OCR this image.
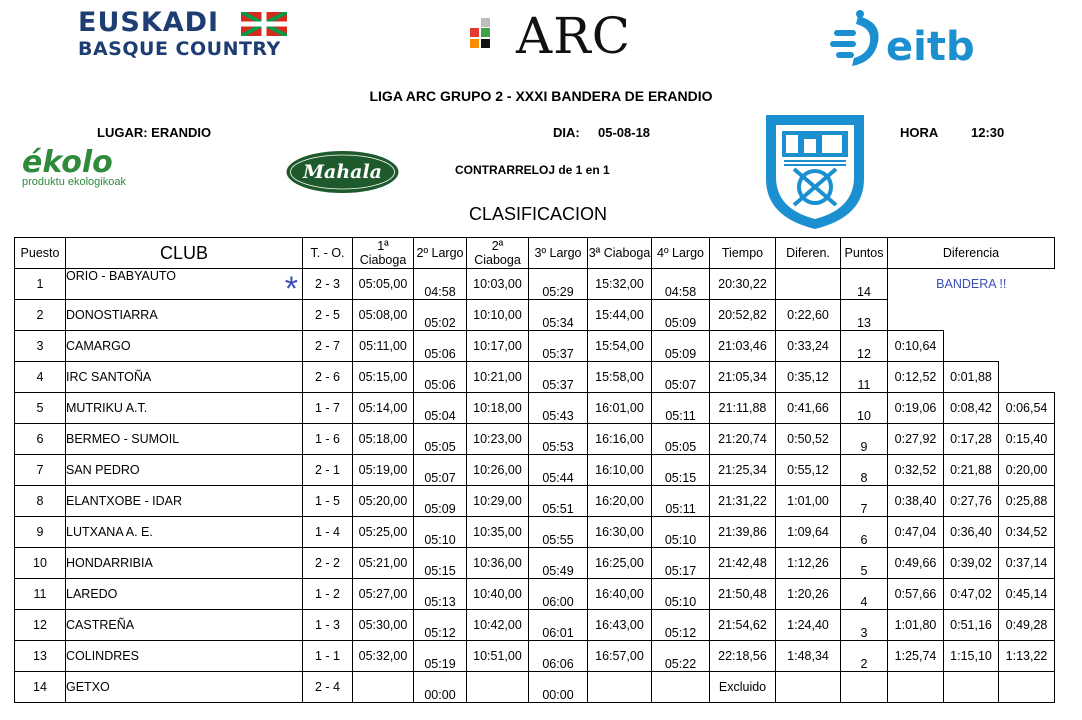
EUSKADI
BASQUE COUNTRY	ARC	eitb
LIGA ARC GRUPO 2 - XXXI BANDERA DE ERANDIO
LUGAR: ERANDIO	DIA: 05-08-18	HORA	12:30
ékolo
produktu ekologikoak	Mahala	CONTRARRELOJ de 1 en 1
CLASIFICACION
Puesto	CLUB	T. - O.	1ª Ciaboga	2º Largo	2ª Ciaboga	3º Largo	3ª Ciaboga	4º Largo	Tiempo	Diferen.	Puntos	Diferencia		
1	ORIO - BABYAUTO *	2 - 3	05:05,00	04:58	10:03,00	05:29	15:32,00	04:58	20:30,22		14	BANDERA !!		
2	DONOSTIARRA	2 - 5	05:08,00	05:02	10:10,00	05:34	15:44,00	05:09	20:52,82	0:22,60	13			
3	CAMARGO	2 - 7	05:11,00	05:06	10:17,00	05:37	15:54,00	05:09	21:03,46	0:33,24	12	0:10,64		
4	IRC SANTOÑA	2 - 6	05:15,00	05:06	10:21,00	05:37	15:58,00	05:07	21:05,34	0:35,12	11	0:12,52	0:01,88	
5	MUTRIKU A.T.	1 - 7	05:14,00	05:04	10:18,00	05:43	16:01,00	05:11	21:11,88	0:41,66	10	0:19,06	0:08,42	0:06,54
6	BERMEO - SUMOIL	1 - 6	05:18,00	05:05	10:23,00	05:53	16:16,00	05:05	21:20,74	0:50,52	9	0:27,92	0:17,28	0:15,40
7	SAN PEDRO	2 - 1	05:19,00	05:07	10:26,00	05:44	16:10,00	05:15	21:25,34	0:55,12	8	0:32,52	0:21,88	0:20,00
8	ELANTXOBE - IDAR	1 - 5	05:20,00	05:09	10:29,00	05:51	16:20,00	05:11	21:31,22	1:01,00	7	0:38,40	0:27,76	0:25,88
9	LUTXANA A. E.	1 - 4	05:25,00	05:10	10:35,00	05:55	16:30,00	05:10	21:39,86	1:09,64	6	0:47,04	0:36,40	0:34,52
10	HONDARRIBIA	2 - 2	05:21,00	05:15	10:36,00	05:49	16:25,00	05:17	21:42,48	1:12,26	5	0:49,66	0:39,02	0:37,14
11	LAREDO	1 - 2	05:27,00	05:13	10:40,00	06:00	16:40,00	05:10	21:50,48	1:20,26	4	0:57,66	0:47,02	0:45,14
12	CASTREÑA	1 - 3	05:30,00	05:12	10:42,00	06:01	16:43,00	05:12	21:54,62	1:24,40	3	1:01,80	0:51,16	0:49,28
13	COLINDRES	1 - 1	05:32,00	05:19	10:51,00	06:06	16:57,00	05:22	22:18,56	1:48,34	2	1:25,74	1:15,10	1:13,22
14	GETXO	2 - 4		00:00		00:00			Excluido					
